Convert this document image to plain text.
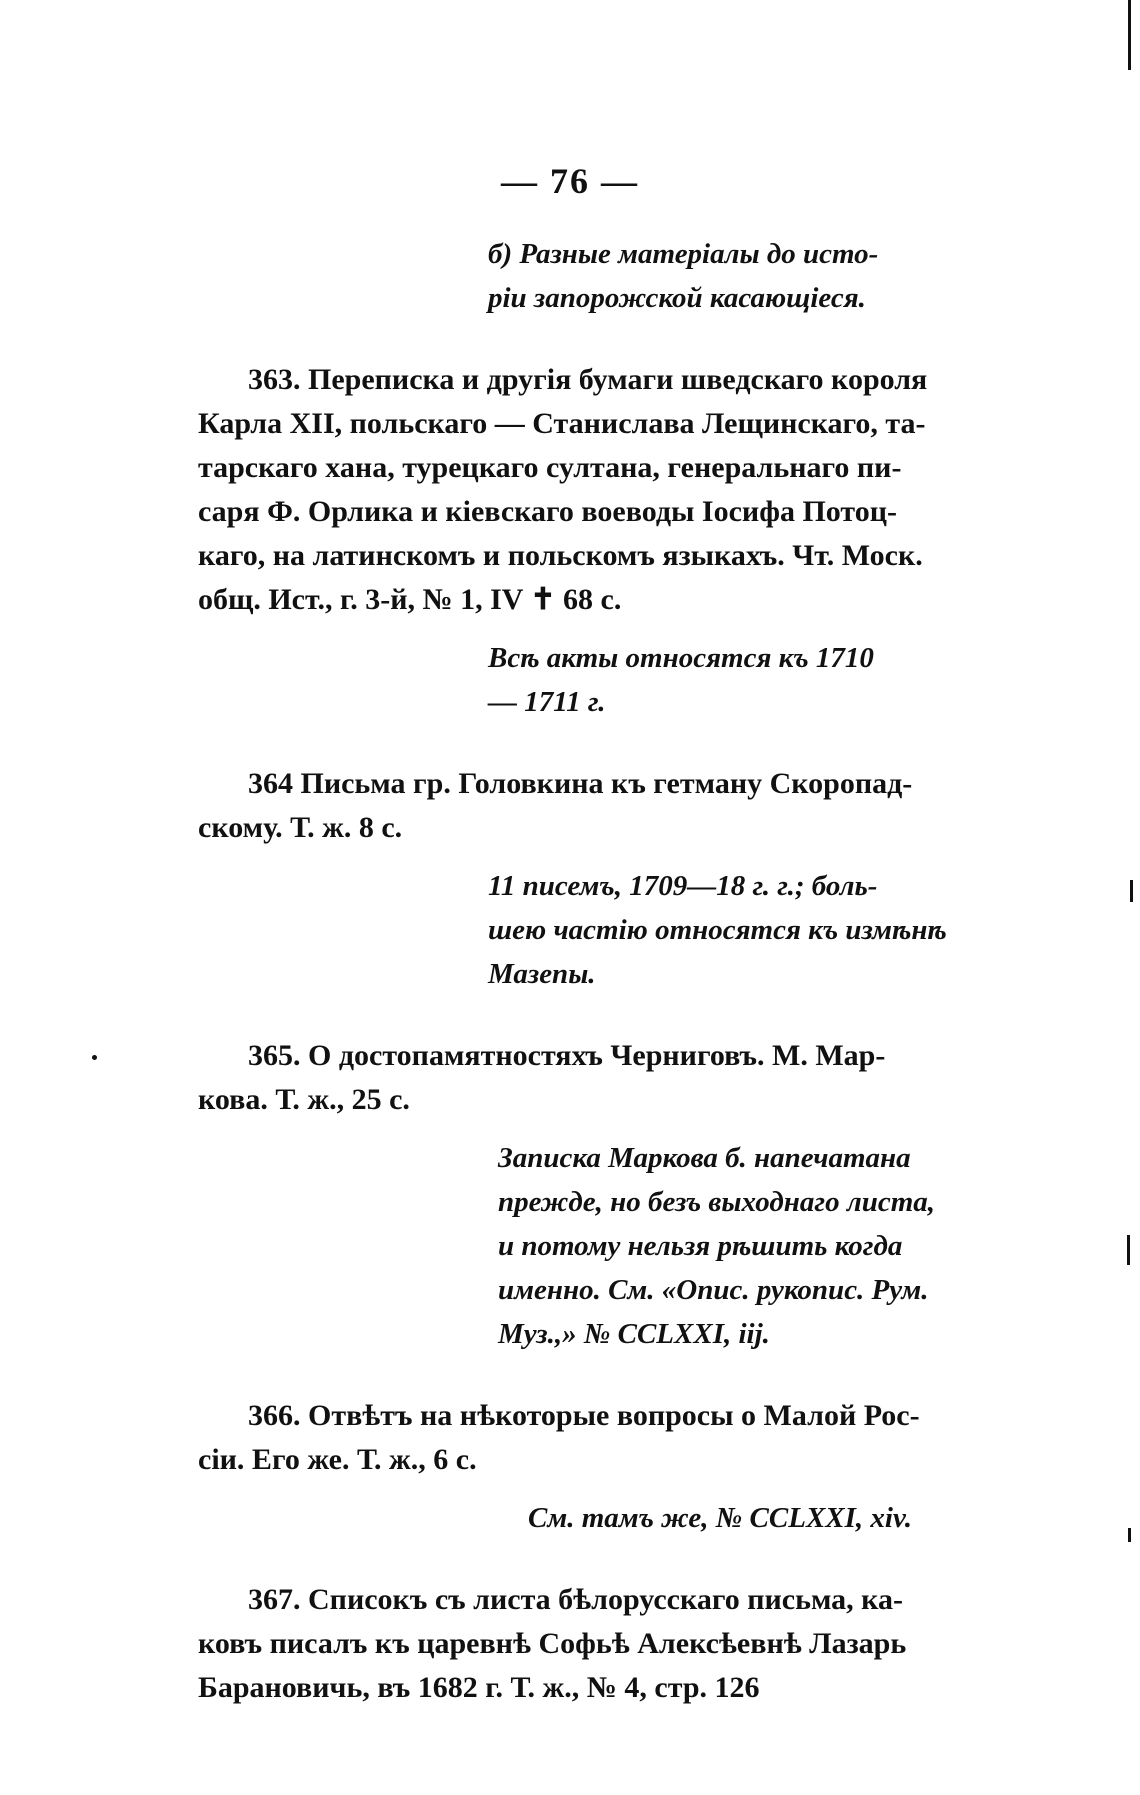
— 76 —
б) Разные матеріалы до исто-
ріи запорожской касающіеся.
363. Переписка и другія бумаги шведскаго короля
Карла XII, польскаго — Станислава Лещинскаго, та-
тарскаго хана, турецкаго султана, генеральнаго пи-
саря Ф. Орлика и кіевскаго воеводы Іосифа Потоц-
каго, на латинскомъ и польскомъ языкахъ. Чт. Моск.
общ. Ист., г. 3-й, № 1, IV ✝ 68 с.
Всѣ акты относятся къ 1710
— 1711 г.
364 Письма гр. Головкина къ гетману Скоропад-
скому. Т. ж. 8 с.
11 писемъ, 1709—18 г. г.; боль-
шею частію относятся къ измѣнѣ
Мазепы.
365. О достопамятностяхъ Черниговъ. М. Мар-
кова. Т. ж., 25 с.
Записка Маркова б. напечатана
прежде, но безъ выходнаго листа,
и потому нельзя рѣшить когда
именно. См. «Опис. рукопис. Рум.
Муз.,» № CCLXXI, iij.
366. Отвѣтъ на нѣкоторые вопросы о Малой Рос-
сіи. Его же. Т. ж., 6 с.
См. тамъ же, № CCLXXI, xiv.
367. Списокъ съ листа бѣлорусскаго письма, ка-
ковъ писалъ къ царевнѣ Софьѣ Алексѣевнѣ Лазарь
Барановичь, въ 1682 г. Т. ж., № 4, стр. 126
